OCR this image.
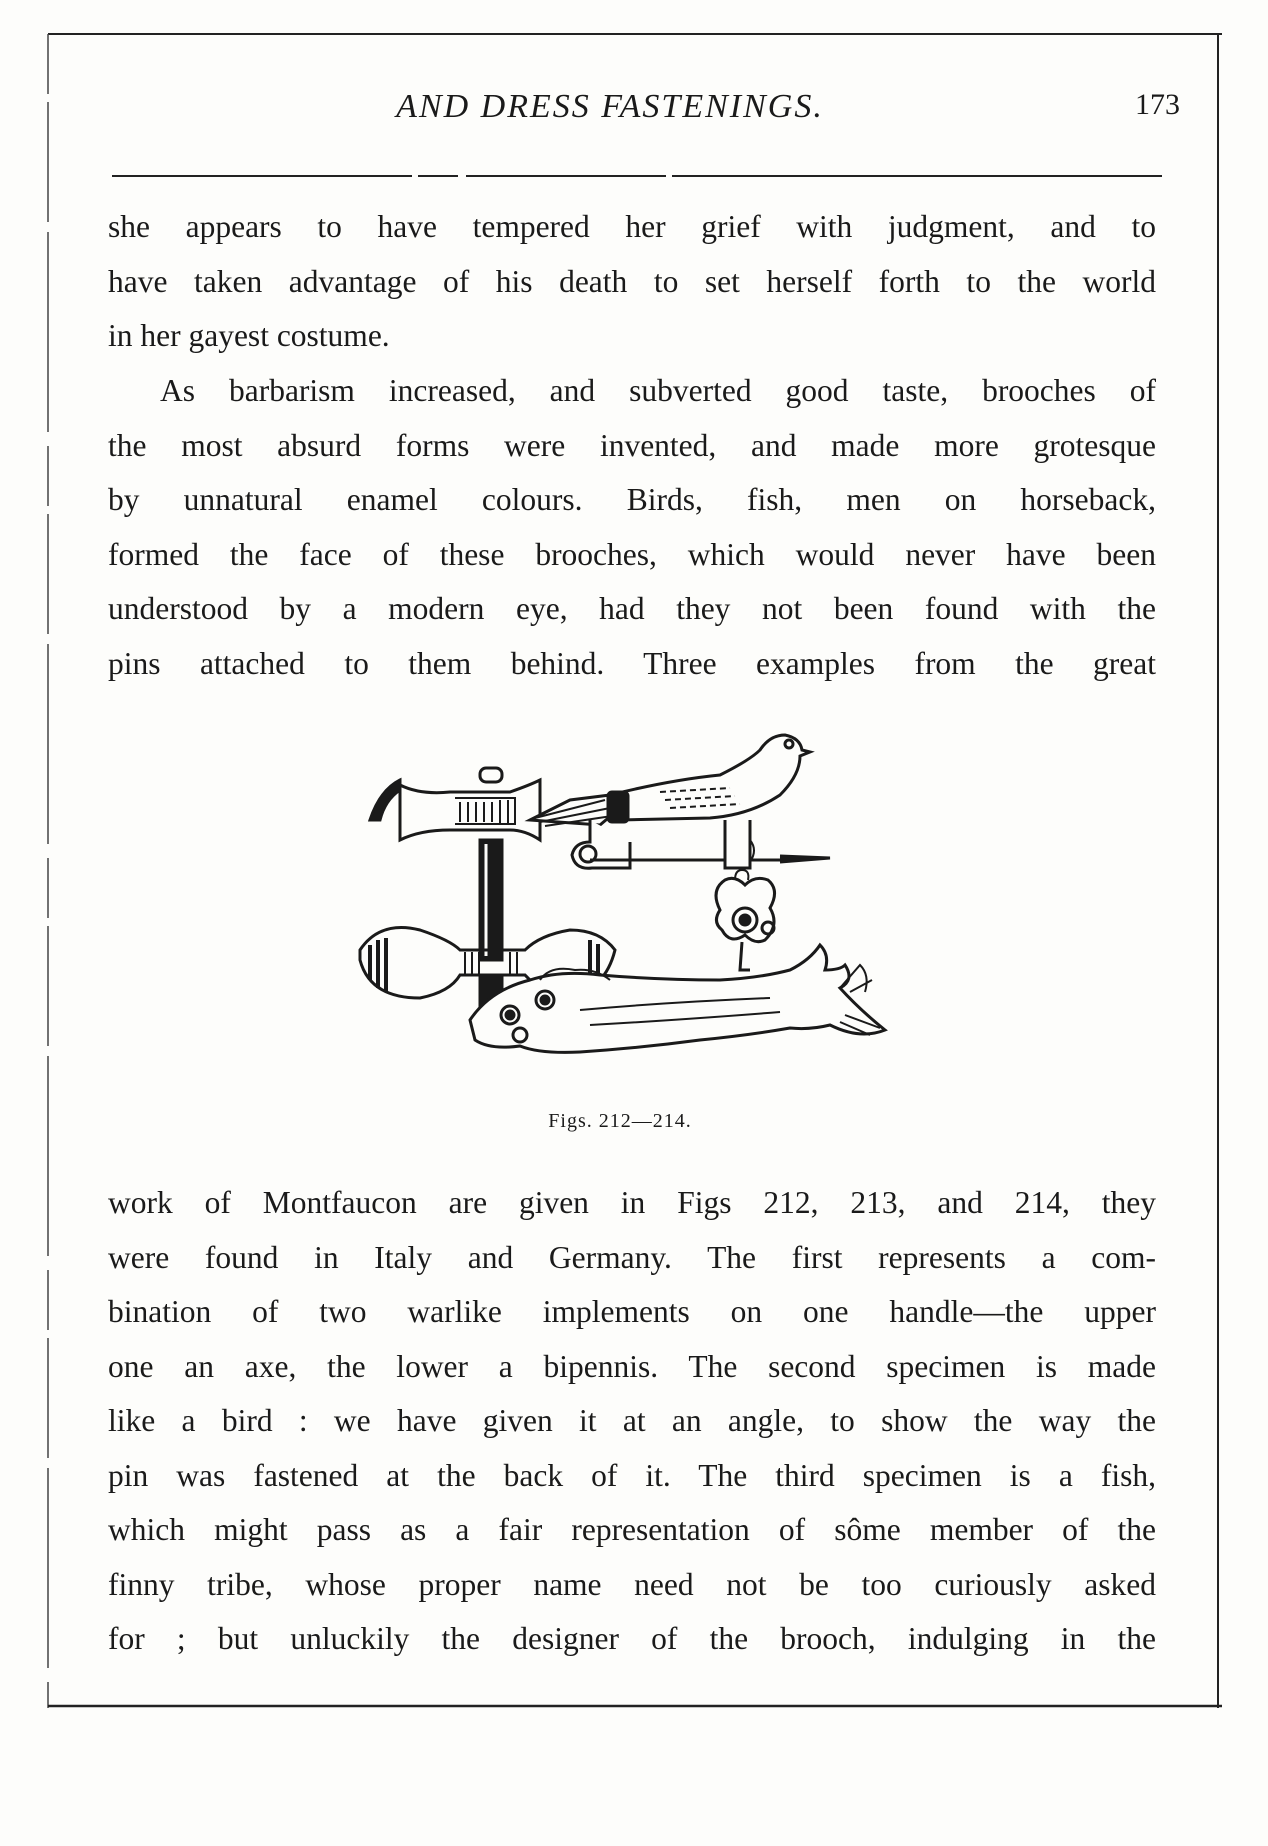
AND DRESS FASTENINGS.	173
she appears to have tempered her grief with judgment, and to
have taken advantage of his death to set herself forth to the world
in her gayest costume.
As barbarism increased, and subverted good taste, brooches of
the most absurd forms were invented, and made more grotesque
by unnatural enamel colours. Birds, fish, men on horseback,
formed the face of these brooches, which would never have been
understood by a modern eye, had they not been found with the
pins attached to them behind. Three examples from the great
Figs. 212—214.
work of Montfaucon are given in Figs 212, 213, and 214, they
were found in Italy and Germany. The first represents a com-
bination of two warlike implements on one handle—the upper
one an axe, the lower a bipennis. The second specimen is made
like a bird : we have given it at an angle, to show the way the
pin was fastened at the back of it. The third specimen is a fish,
which might pass as a fair representation of sôme member of the
finny tribe, whose proper name need not be too curiously asked
for ; but unluckily the designer of the brooch, indulging in the
